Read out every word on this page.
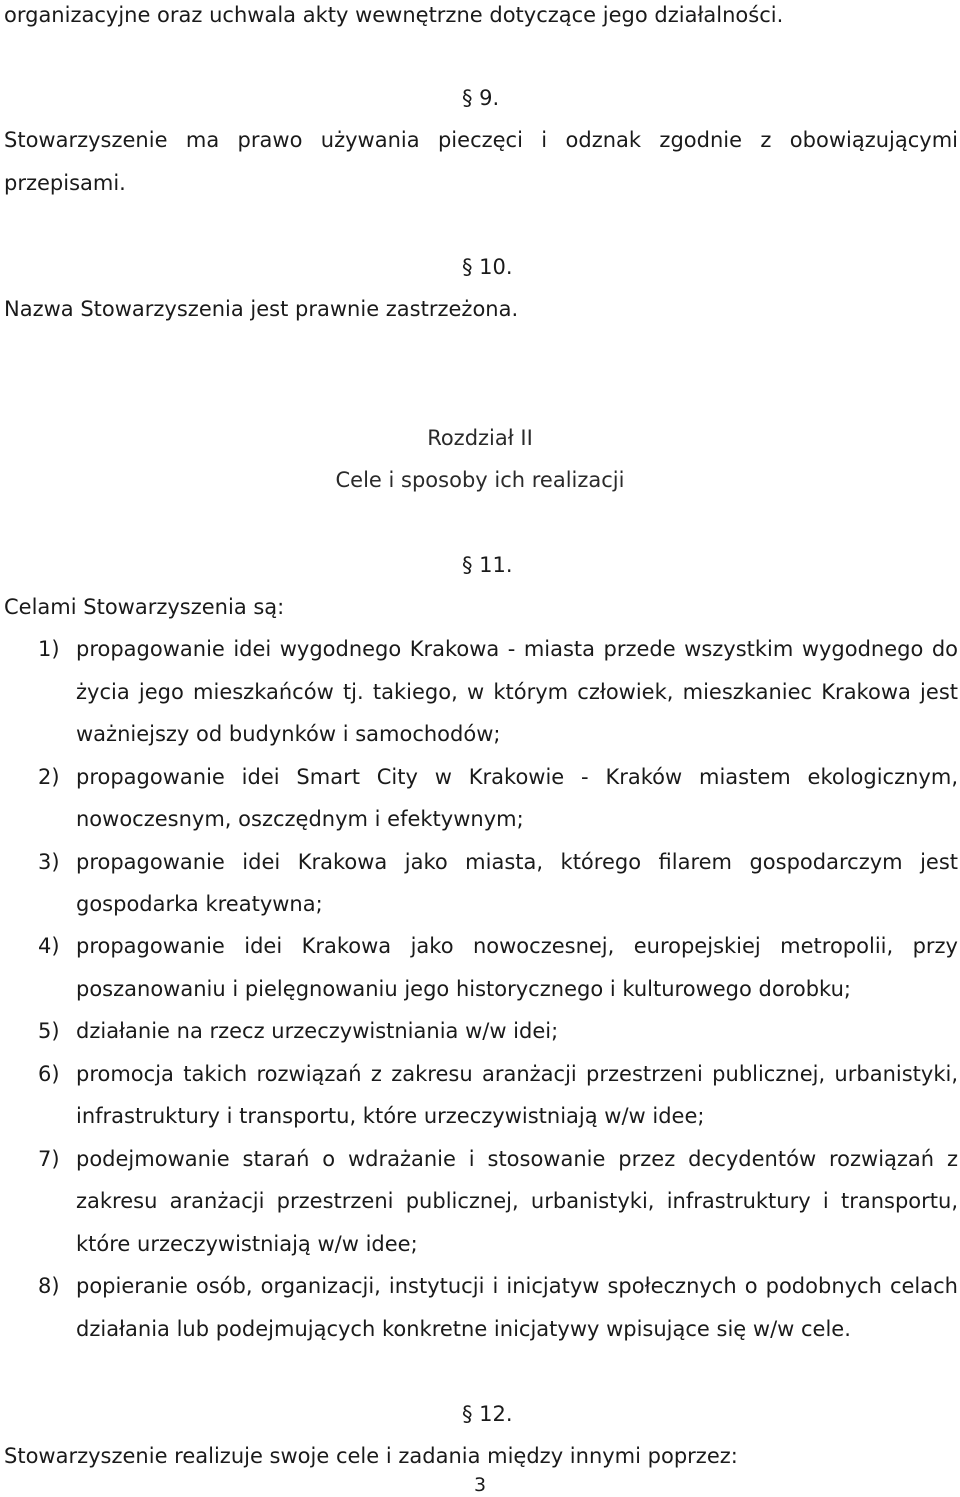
organizacyjne oraz uchwala akty wewnętrzne dotyczące jego działalności.
§ 9.
Stowarzyszenie ma prawo używania pieczęci i odznak zgodnie z obowiązującymi
przepisami.
§ 10.
Nazwa Stowarzyszenia jest prawnie zastrzeżona.
Rozdział II
Cele i sposoby ich realizacji
§ 11.
Celami Stowarzyszenia są:
1) propagowanie idei wygodnego Krakowa - miasta przede wszystkim wygodnego do
życia jego mieszkańców tj. takiego, w którym człowiek, mieszkaniec Krakowa jest
ważniejszy od budynków i samochodów;
2) propagowanie idei Smart City w Krakowie - Kraków miastem ekologicznym,
nowoczesnym, oszczędnym i efektywnym;
3) propagowanie idei Krakowa jako miasta, którego filarem gospodarczym jest
gospodarka kreatywna;
4) propagowanie idei Krakowa jako nowoczesnej, europejskiej metropolii, przy
poszanowaniu i pielęgnowaniu jego historycznego i kulturowego dorobku;
5) działanie na rzecz urzeczywistniania w/w idei;
6) promocja takich rozwiązań z zakresu aranżacji przestrzeni publicznej, urbanistyki,
infrastruktury i transportu, które urzeczywistniają w/w idee;
7) podejmowanie starań o wdrażanie i stosowanie przez decydentów rozwiązań z
zakresu aranżacji przestrzeni publicznej, urbanistyki, infrastruktury i transportu,
które urzeczywistniają w/w idee;
8) popieranie osób, organizacji, instytucji i inicjatyw społecznych o podobnych celach
działania lub podejmujących konkretne inicjatywy wpisujące się w/w cele.
§ 12.
Stowarzyszenie realizuje swoje cele i zadania między innymi poprzez:
3
